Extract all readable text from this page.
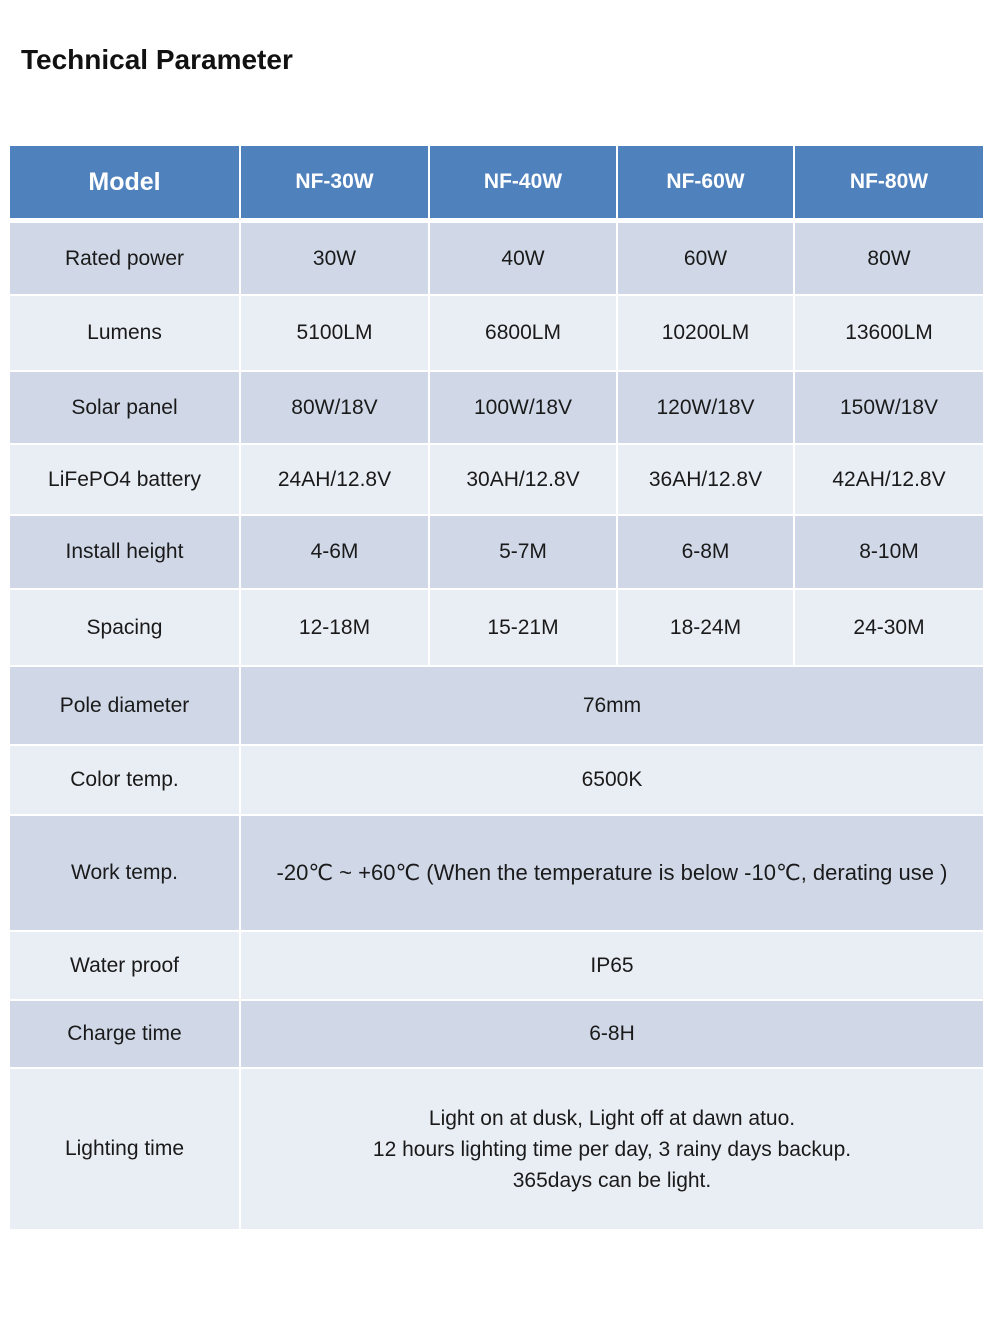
Technical Parameter
Model	NF-30W	NF-40W	NF-60W	NF-80W
Rated power	30W	40W	60W	80W
Lumens	5100LM	6800LM	10200LM	13600LM
Solar panel	80W/18V	100W/18V	120W/18V	150W/18V
LiFePO4 battery	24AH/12.8V	30AH/12.8V	36AH/12.8V	42AH/12.8V
Install height	4-6M	5-7M	6-8M	8-10M
Spacing	12-18M	15-21M	18-24M	24-30M
Pole diameter	76mm			
Color temp.	6500K			
Work temp.	-20℃ ~ +60℃ (When the temperature is below -10℃, derating use )			
Water proof	IP65			
Charge time	6-8H			
Lighting time	Light on at dusk, Light off at dawn atuo.
12 hours lighting time per day, 3 rainy days backup.
365days can be light.			
